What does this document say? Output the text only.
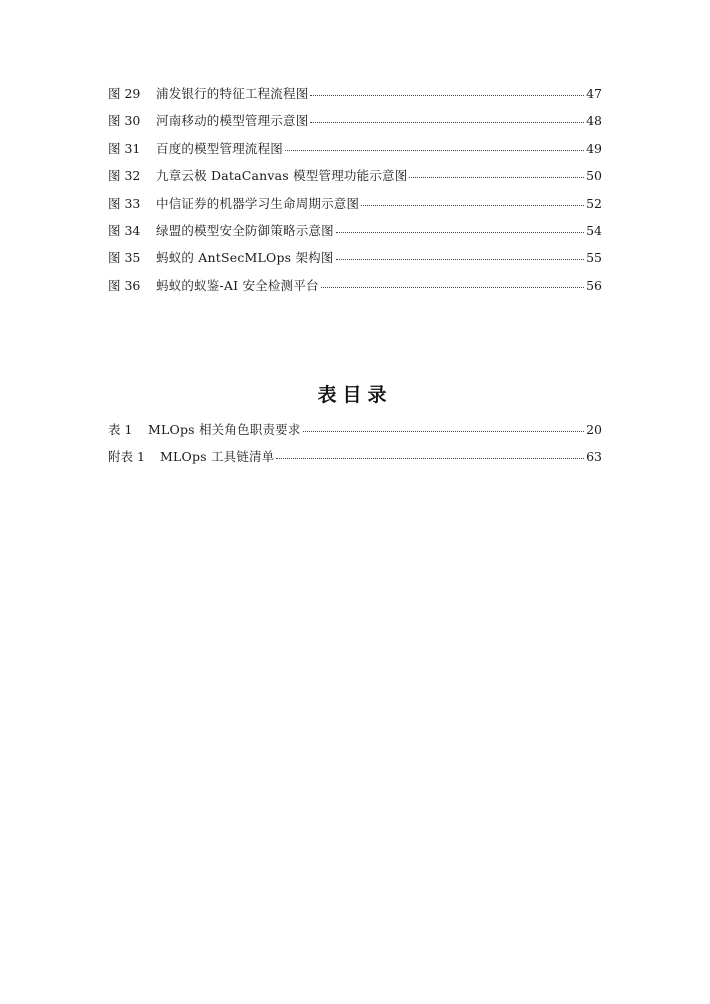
图 29	浦发银行的特征工程流程图	47
图 30	河南移动的模型管理示意图	48
图 31	百度的模型管理流程图	49
图 32	九章云极 DataCanvas 模型管理功能示意图	50
图 33	中信证券的机器学习生命周期示意图	52
图 34	绿盟的模型安全防御策略示意图	54
图 35	蚂蚁的 AntSecMLOps 架构图	55
图 36	蚂蚁的蚁鉴-AI 安全检测平台	56
表目录
表 1	MLOps 相关角色职责要求	20
附表 1	MLOps 工具链清单	63
